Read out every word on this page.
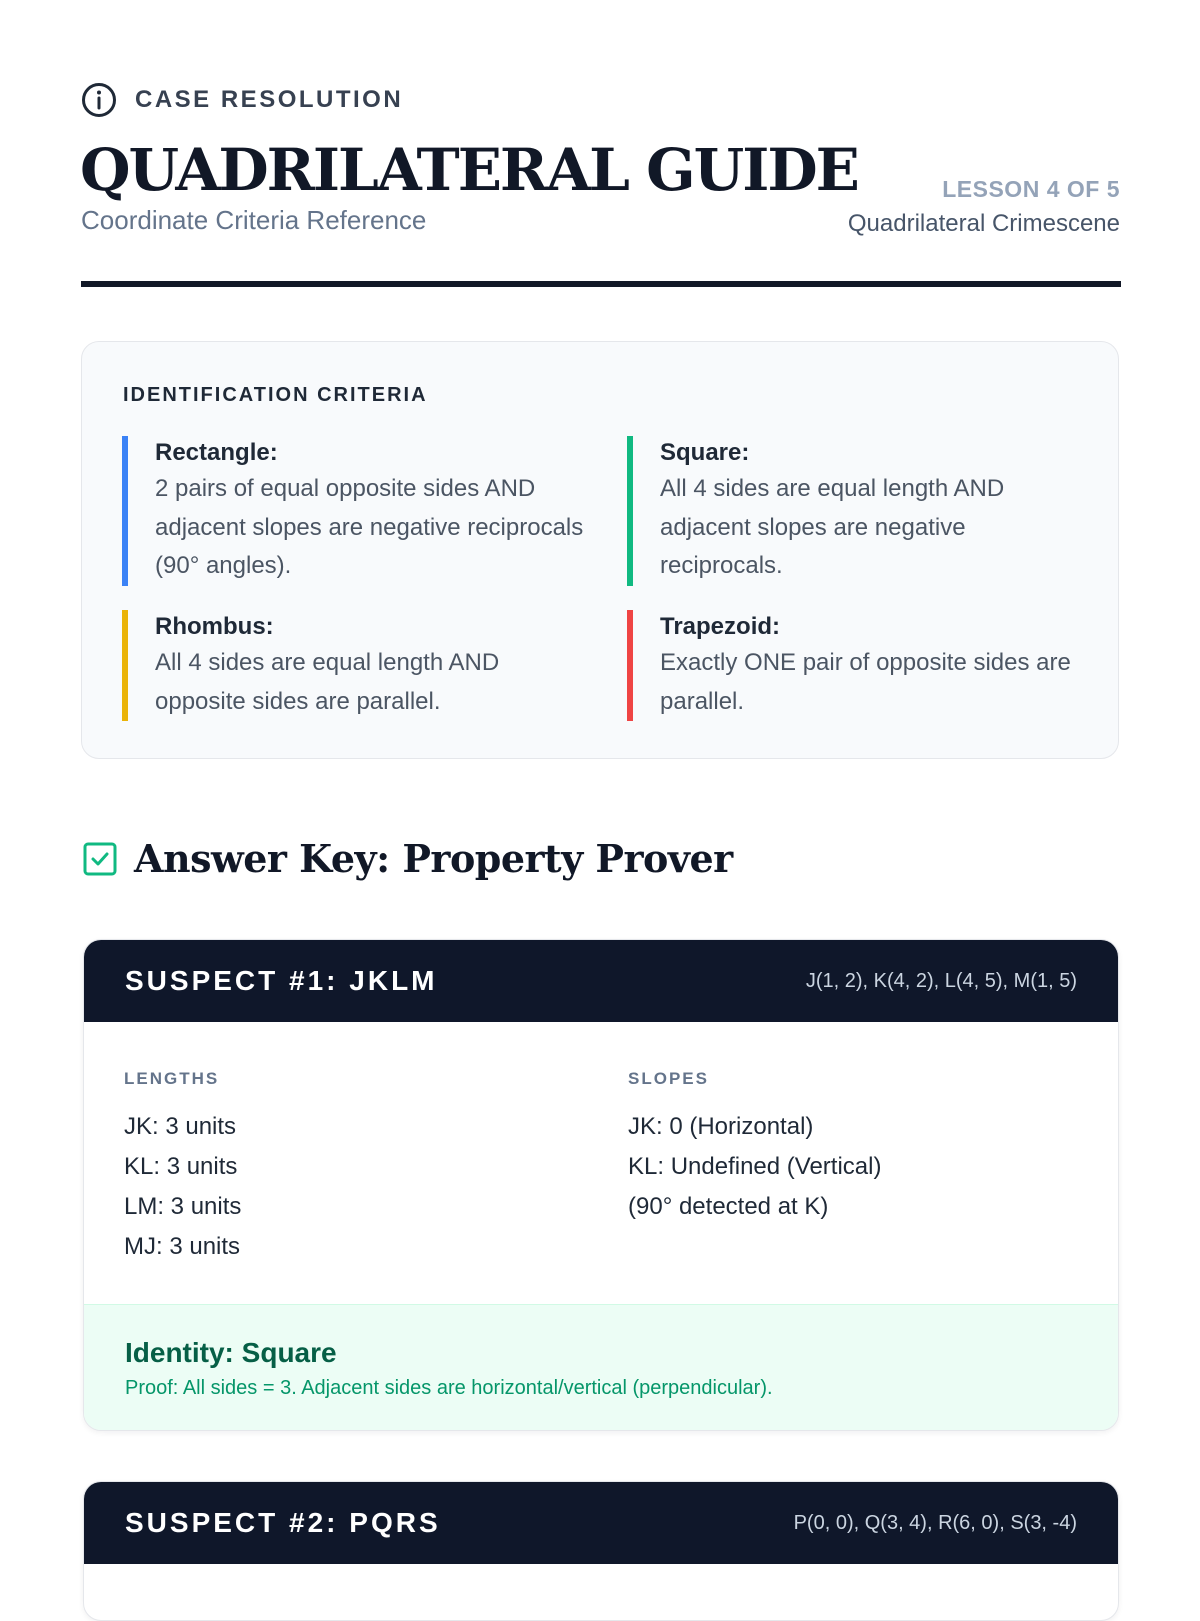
CASE RESOLUTION
QUADRILATERAL GUIDE
Coordinate Criteria Reference
LESSON 4 OF 5
Quadrilateral Crimescene
IDENTIFICATION CRITERIA
Rectangle:
2 pairs of equal opposite sides AND adjacent slopes are negative reciprocals (90° angles).
Square:
All 4 sides are equal length AND adjacent slopes are negative reciprocals.
Rhombus:
All 4 sides are equal length AND opposite sides are parallel.
Trapezoid:
Exactly ONE pair of opposite sides are parallel.
Answer Key: Property Prover
SUSPECT #1: JKLM	J(1, 2), K(4, 2), L(4, 5), M(1, 5)
LENGTHS
JK: 3 units
KL: 3 units
LM: 3 units
MJ: 3 units
SLOPES
JK: 0 (Horizontal)
KL: Undefined (Vertical)
(90° detected at K)
Identity: Square
Proof: All sides = 3. Adjacent sides are horizontal/vertical (perpendicular).
SUSPECT #2: PQRS	P(0, 0), Q(3, 4), R(6, 0), S(3, -4)
